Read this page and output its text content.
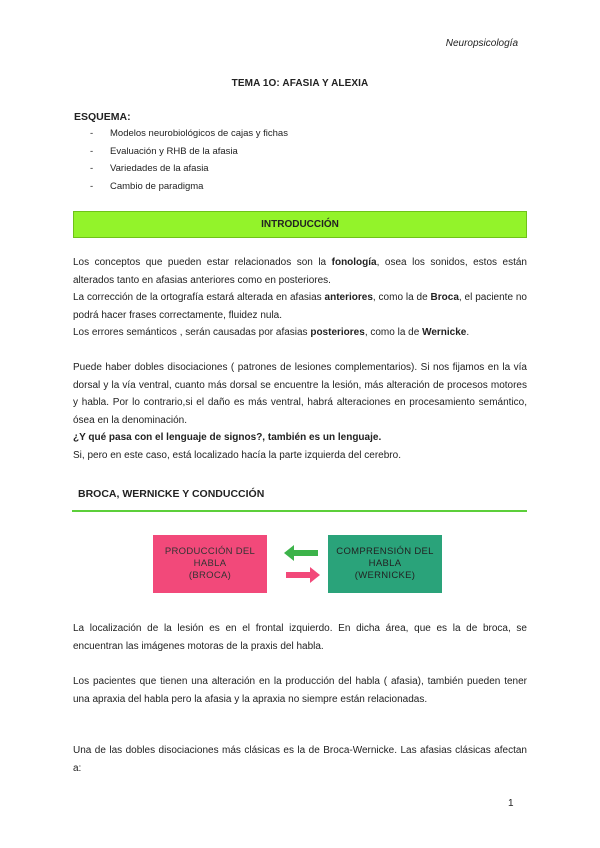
Neuropsicología
TEMA 1O: AFASIA Y ALEXIA
ESQUEMA:
- Modelos neurobiológicos de cajas y fichas
- Evaluación y RHB de la afasia
- Variedades de la afasia
- Cambio de paradigma
INTRODUCCIÓN

Los conceptos que pueden estar relacionados son la fonología, osea los sonidos, estos están alterados tanto en afasias anteriores como en posteriores.

La corrección de la ortografía estará alterada en afasias anteriores, como la de Broca, el paciente no podrá hacer frases correctamente, fluidez nula.

Los errores semánticos , serán causadas por afasias posteriores, como la de Wernicke.

Puede haber dobles disociaciones ( patrones de lesiones complementarios). Si nos fijamos en la vía dorsal y la vía ventral, cuanto más dorsal se encuentre la lesión, más alteración de procesos motores y habla. Por lo contrario,si el daño es más ventral, habrá alteraciones en procesamiento semántico, ósea en la denominación.

¿Y qué pasa con el lenguaje de signos?, también es un lenguaje.

Si, pero en este caso, está localizado hacía la parte izquierda del cerebro.

BROCA, WERNICKE Y CONDUCCIÓN
PRODUCCIÓN DEL
HABLA
(BROCA)
COMPRENSIÓN DEL
HABLA
(WERNICKE)

La localización de la lesión es en el frontal izquierdo. En dicha área, que es la de broca, se encuentran las imágenes motoras de la praxis del habla.

Los pacientes que tienen una alteración en la producción del habla ( afasia), también pueden tener una apraxia del habla pero la afasia y la apraxia no siempre están relacionadas.

Una de las dobles disociaciones más clásicas es la de Broca-Wernicke. Las afasias clásicas afectan a:

1
